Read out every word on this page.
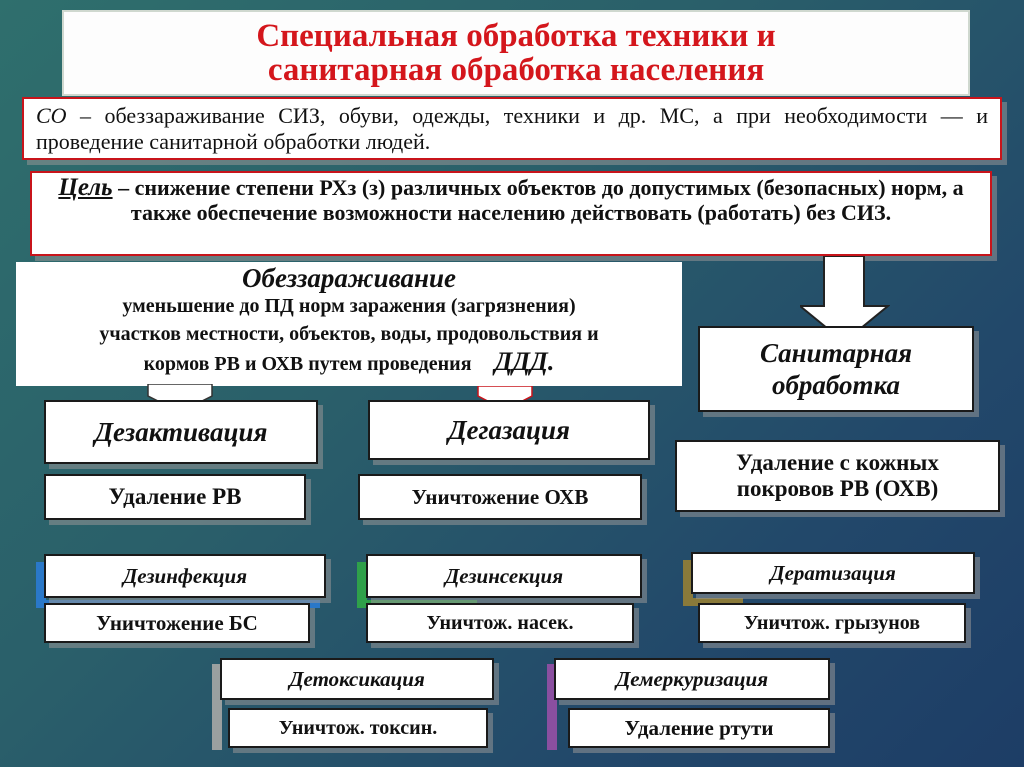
Специальная обработка техники и
санитарная обработка населения
СО – обеззараживание СИЗ, обуви, одежды, техники и др. МС, а при необходимости — и проведение санитарной обработки людей.
Цель – снижение степени РХз (з) различных объектов до допустимых (безопасных) норм, а также обеспечение возможности населению действовать (работать) без СИЗ.
Обеззараживание
уменьшение до ПД норм заражения (загрязнения)
участков местности, объектов, воды, продовольствия и
кормов РВ и ОХВ путем проведения ДДД.	Санитарная
обработка
Удаление с кожных
покровов РВ (ОХВ)
Дезактивация
Удаление РВ
Дегазация
Уничтожение ОХВ
Дезинфекция
Уничтожение БС
Дезинсекция
Уничтож. насек.
Дератизация
Уничтож. грызунов
Детоксикация
Уничтож. токсин.
Демеркуризация
Удаление ртути
